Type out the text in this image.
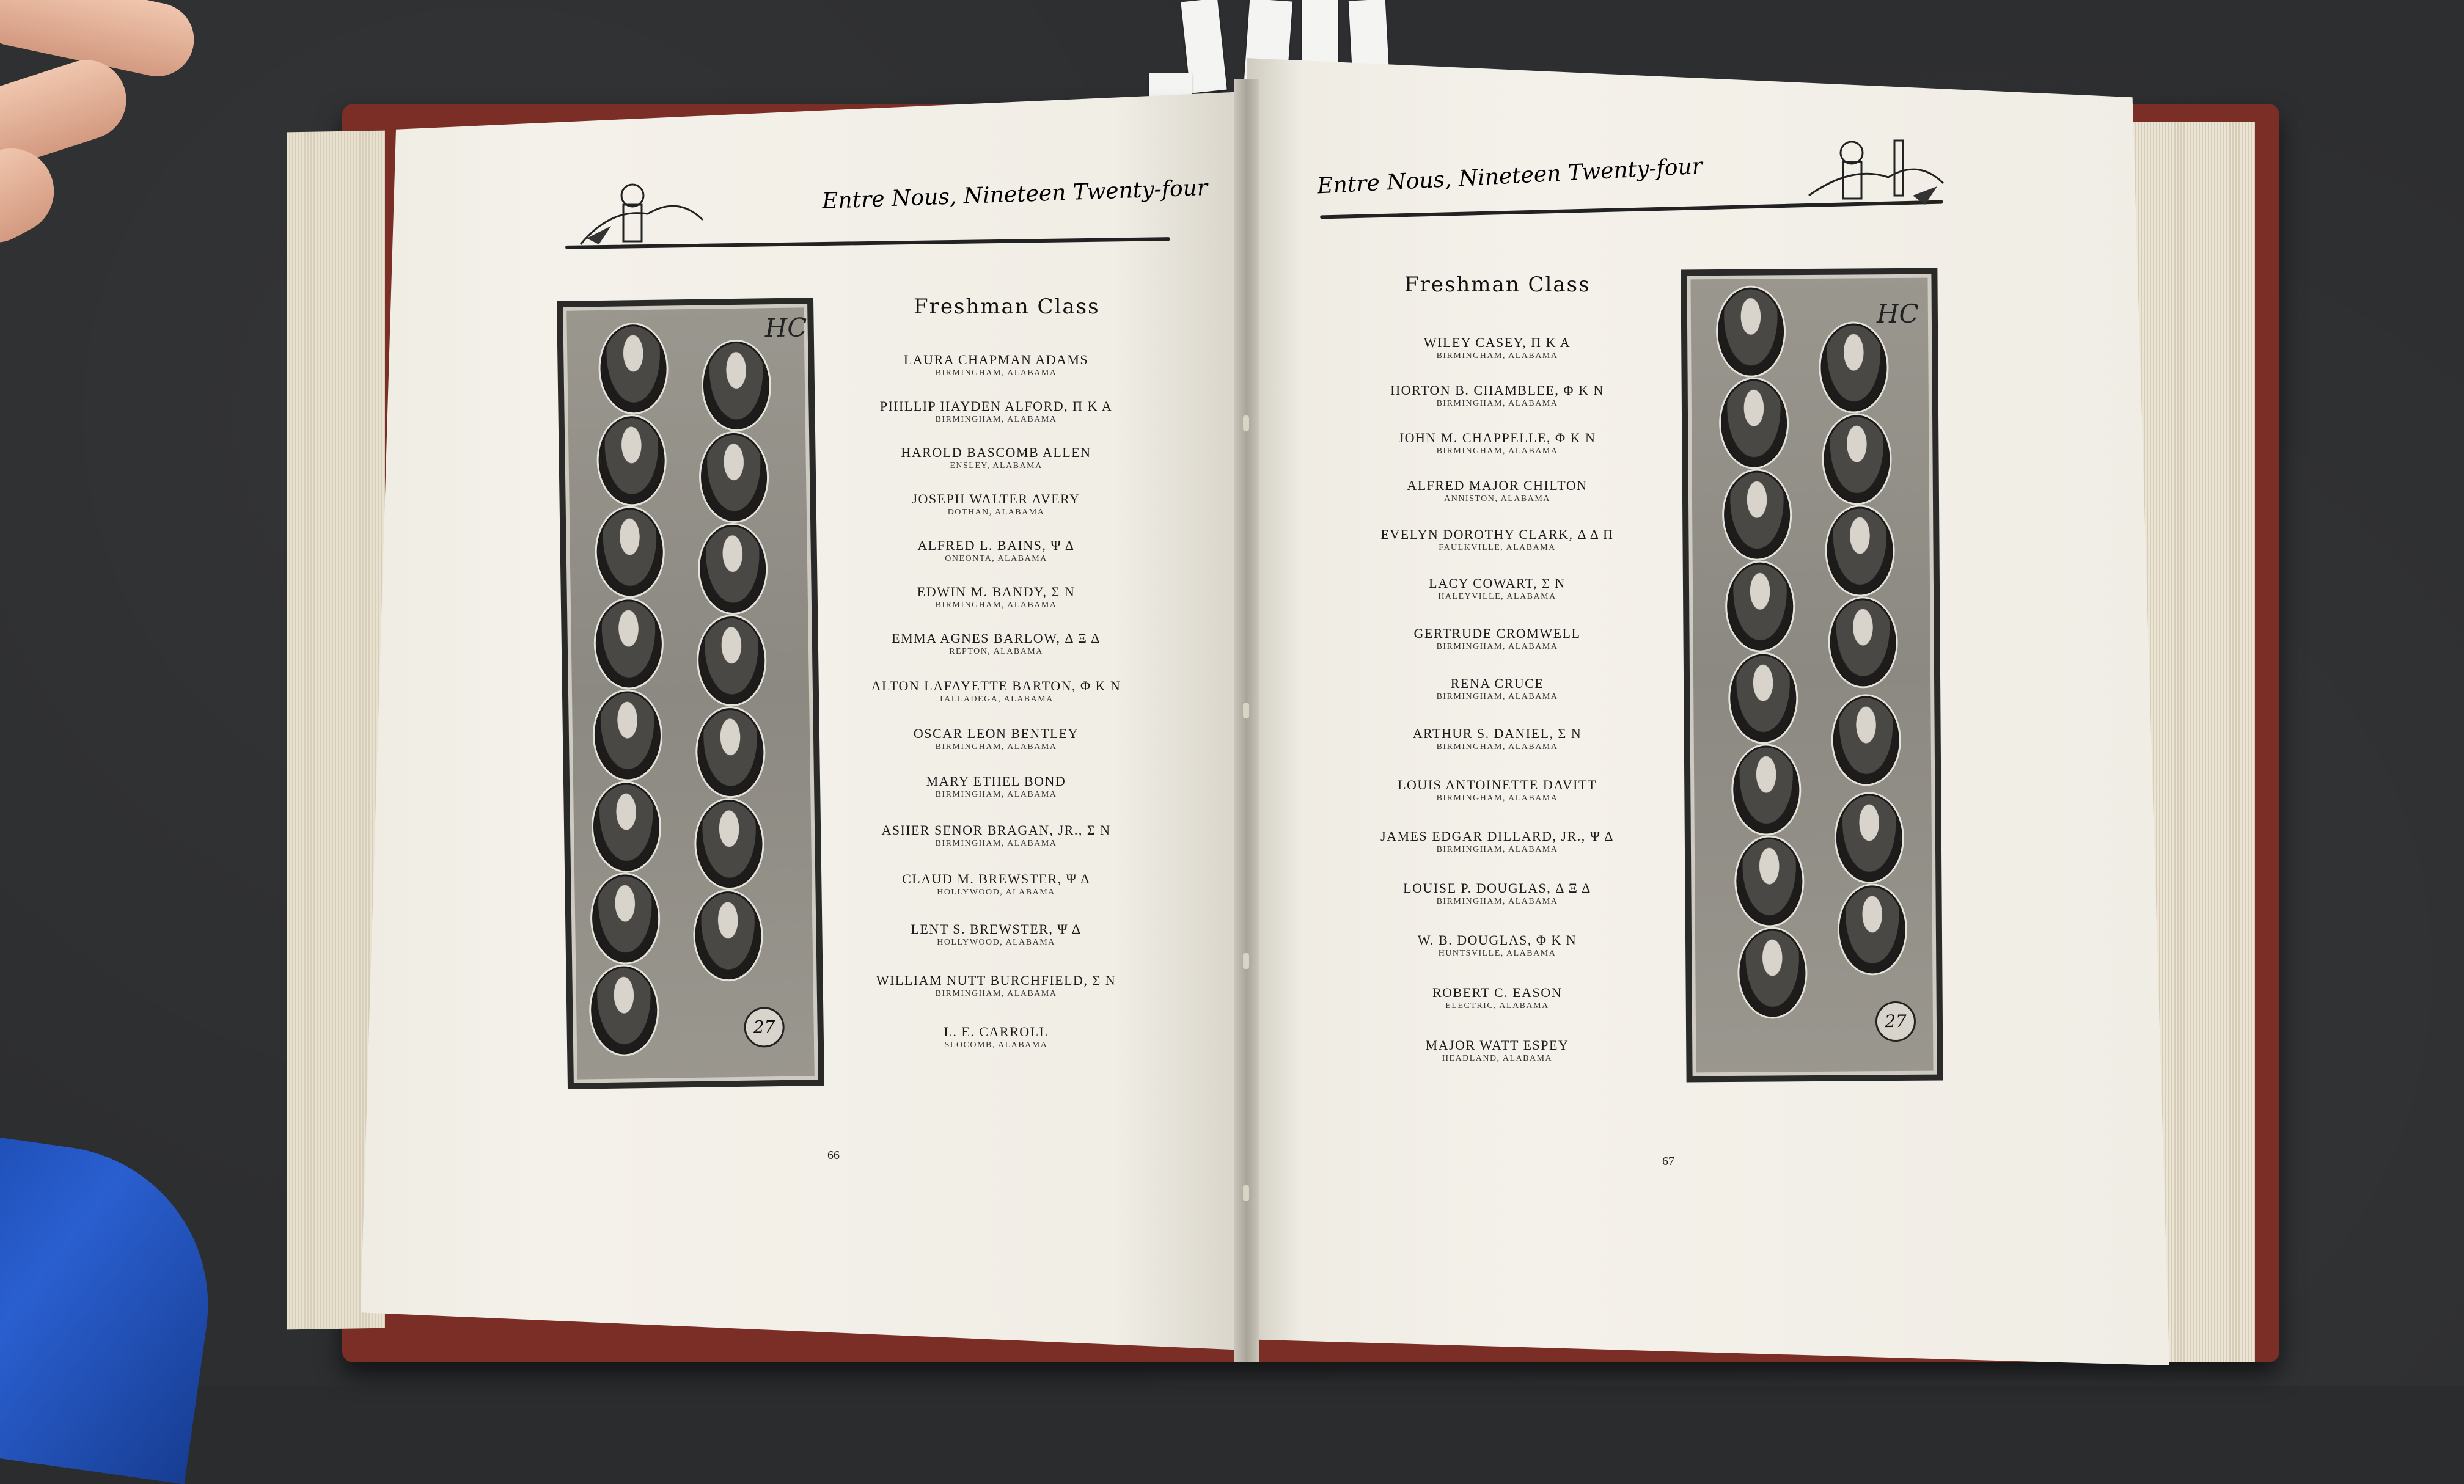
Entre Nous, Nineteen Twenty-four
Freshman Class
HC
27
LAURA CHAPMAN ADAMS
BIRMINGHAM, ALABAMA
PHILLIP HAYDEN ALFORD, Π K A
BIRMINGHAM, ALABAMA
HAROLD BASCOMB ALLEN
ENSLEY, ALABAMA
JOSEPH WALTER AVERY
DOTHAN, ALABAMA
ALFRED L. BAINS, Ψ Δ
ONEONTA, ALABAMA
EDWIN M. BANDY, Σ N
BIRMINGHAM, ALABAMA
EMMA AGNES BARLOW, Δ Ξ Δ
REPTON, ALABAMA
ALTON LAFAYETTE BARTON, Φ K N
TALLADEGA, ALABAMA
OSCAR LEON BENTLEY
BIRMINGHAM, ALABAMA
MARY ETHEL BOND
BIRMINGHAM, ALABAMA
ASHER SENOR BRAGAN, JR., Σ N
BIRMINGHAM, ALABAMA
CLAUD M. BREWSTER, Ψ Δ
HOLLYWOOD, ALABAMA
LENT S. BREWSTER, Ψ Δ
HOLLYWOOD, ALABAMA
WILLIAM NUTT BURCHFIELD, Σ N
BIRMINGHAM, ALABAMA
L. E. CARROLL
SLOCOMB, ALABAMA
66
Entre Nous, Nineteen Twenty-four
Freshman Class
HC
27
WILEY CASEY, Π K A
BIRMINGHAM, ALABAMA
HORTON B. CHAMBLEE, Φ K N
BIRMINGHAM, ALABAMA
JOHN M. CHAPPELLE, Φ K N
BIRMINGHAM, ALABAMA
ALFRED MAJOR CHILTON
ANNISTON, ALABAMA
EVELYN DOROTHY CLARK, Δ Δ Π
FAULKVILLE, ALABAMA
LACY COWART, Σ N
HALEYVILLE, ALABAMA
GERTRUDE CROMWELL
BIRMINGHAM, ALABAMA
RENA CRUCE
BIRMINGHAM, ALABAMA
ARTHUR S. DANIEL, Σ N
BIRMINGHAM, ALABAMA
LOUIS ANTOINETTE DAVITT
BIRMINGHAM, ALABAMA
JAMES EDGAR DILLARD, JR., Ψ Δ
BIRMINGHAM, ALABAMA
LOUISE P. DOUGLAS, Δ Ξ Δ
BIRMINGHAM, ALABAMA
W. B. DOUGLAS, Φ K N
HUNTSVILLE, ALABAMA
ROBERT C. EASON
ELECTRIC, ALABAMA
MAJOR WATT ESPEY
HEADLAND, ALABAMA
67
